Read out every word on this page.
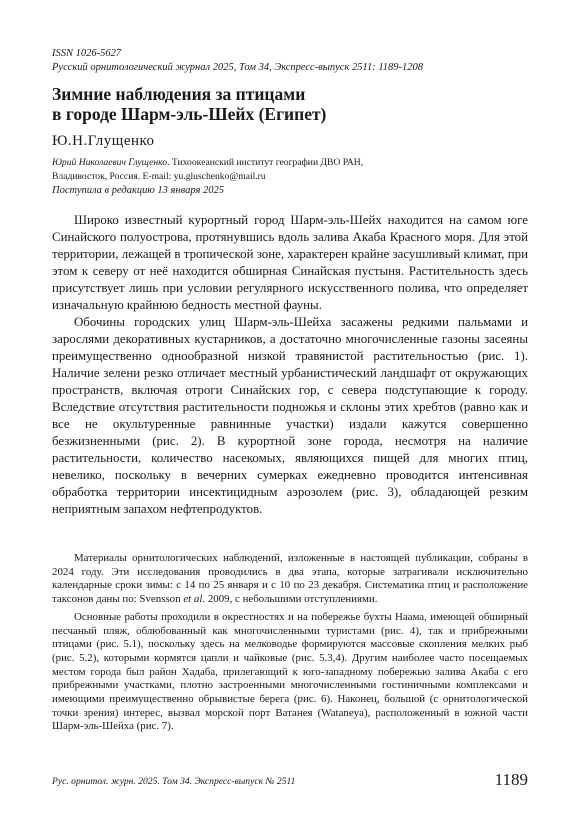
ISSN 1026-5627
Русский орнитологический журнал 2025, Том 34, Экспресс-выпуск 2511: 1189-1208
Зимние наблюдения за птицами
в городе Шарм-эль-Шейх (Египет)
Ю.Н.Глущенко
Юрий Николаевич Глущенко. Тихоокеанский институт географии ДВО РАН,
Владивосток, Россия. E-mail: yu.gluschenko@mail.ru
Поступила в редакцию 13 января 2025

Широко известный курортный город Шарм-эль-Шейх находится на самом юге Синайского полуострова, протянувшись вдоль залива Акаба Красного моря. Для этой территории, лежащей в тропической зоне, характерен крайне засушливый климат, при этом к северу от неё находится обширная Синайская пустыня. Растительность здесь присутствует лишь при условии регулярного искусственного полива, что определяет изначальную крайнюю бедность местной фауны.

Обочины городских улиц Шарм-эль-Шейха засажены редкими пальмами и зарослями декоративных кустарников, а достаточно многочисленные газоны засеяны преимущественно однообразной низкой травянистой растительностью (рис. 1). Наличие зелени резко отличает местный урбанистический ландшафт от окружающих пространств, включая отроги Синайских гор, с севера подступающие к городу. Вследствие отсутствия растительности подножья и склоны этих хребтов (равно как и все не окультуренные равнинные участки) издали кажутся совершенно безжизненными (рис. 2). В курортной зоне города, несмотря на наличие растительности, количество насекомых, являющихся пищей для многих птиц, невелико, поскольку в вечерних сумерках ежедневно проводится интенсивная обработка территории инсектицидным аэрозолем (рис. 3), обладающей резким неприятным запахом нефтепродуктов.

Материалы орнитологических наблюдений, изложенные в настоящей публикации, собраны в 2024 году. Эти исследования проводились в два этапа, которые затрагивали исключительно календарные сроки зимы: с 14 по 25 января и с 10 по 23 декабря. Систематика птиц и расположение таксонов даны по: Svensson et al. 2009, с небольшими отступлениями.

Основные работы проходили в окрестностях и на побережье бухты Наама, имеющей обширный песчаный пляж, облюбованный как многочисленными туристами (рис. 4), так и прибрежными птицами (рис. 5.1), поскольку здесь на мелководье формируются массовые скопления мелких рыб (рис. 5.2), которыми кормятся цапли и чайковые (рис. 5.3,4). Другим наиболее часто посещаемых местом города был район Хадаба, прилегающий к юго-западному побережью залива Акаба с его прибрежными участками, плотно застроенными многочисленными гостиничными комплексами и имеющими преимущественно обрывистые берега (рис. 6). Наконец, большой (с орнитологической точки зрения) интерес, вызвал морской порт Ватанея (Watаneya), расположенный в южной части Шарм-эль-Шейха (рис. 7).

Рус. орнитол. журн. 2025. Том 34. Экспресс-выпуск № 2511	1189
